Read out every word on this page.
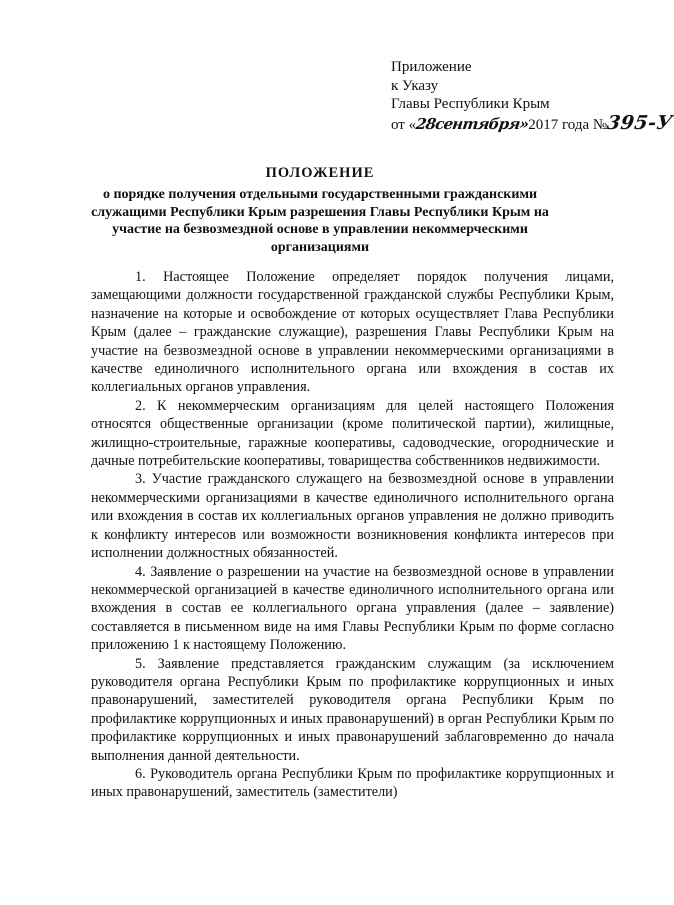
Приложение
к Указу
Главы Республики Крым
от «28сентября»2017 года №395-У
ПОЛОЖЕНИЕ
о порядке получения отдельными государственными гражданскими служащими Республики Крым разрешения Главы Республики Крым на участие на безвозмездной основе в управлении некоммерческими организациями

1. Настоящее Положение определяет порядок получения лицами, замещающими должности государственной гражданской службы Республики Крым, назначение на которые и освобождение от которых осуществляет Глава Республики Крым (далее – гражданские служащие), разрешения Главы Республики Крым на участие на безвозмездной основе в управлении некоммерческими организациями в качестве единоличного исполнительного органа или вхождения в состав их коллегиальных органов управления.

2. К некоммерческим организациям для целей настоящего Положения относятся общественные организации (кроме политической партии), жилищные, жилищно-строительные, гаражные кооперативы, садоводческие, огороднические и дачные потребительские кооперативы, товарищества собственников недвижимости.

3. Участие гражданского служащего на безвозмездной основе в управлении некоммерческими организациями в качестве единоличного исполнительного органа или вхождения в состав их коллегиальных органов управления не должно приводить к конфликту интересов или возможности возникновения конфликта интересов при исполнении должностных обязанностей.

4. Заявление о разрешении на участие на безвозмездной основе в управлении некоммерческой организацией в качестве единоличного исполнительного органа или вхождения в состав ее коллегиального органа управления (далее – заявление) составляется в письменном виде на имя Главы Республики Крым по форме согласно приложению 1 к настоящему Положению.

5. Заявление представляется гражданским служащим (за исключением руководителя органа Республики Крым по профилактике коррупционных и иных правонарушений, заместителей руководителя органа Республики Крым по профилактике коррупционных и иных правонарушений) в орган Республики Крым по профилактике коррупционных и иных правонарушений заблаговременно до начала выполнения данной деятельности.

6. Руководитель органа Республики Крым по профилактике коррупционных и иных правонарушений, заместитель (заместители)
